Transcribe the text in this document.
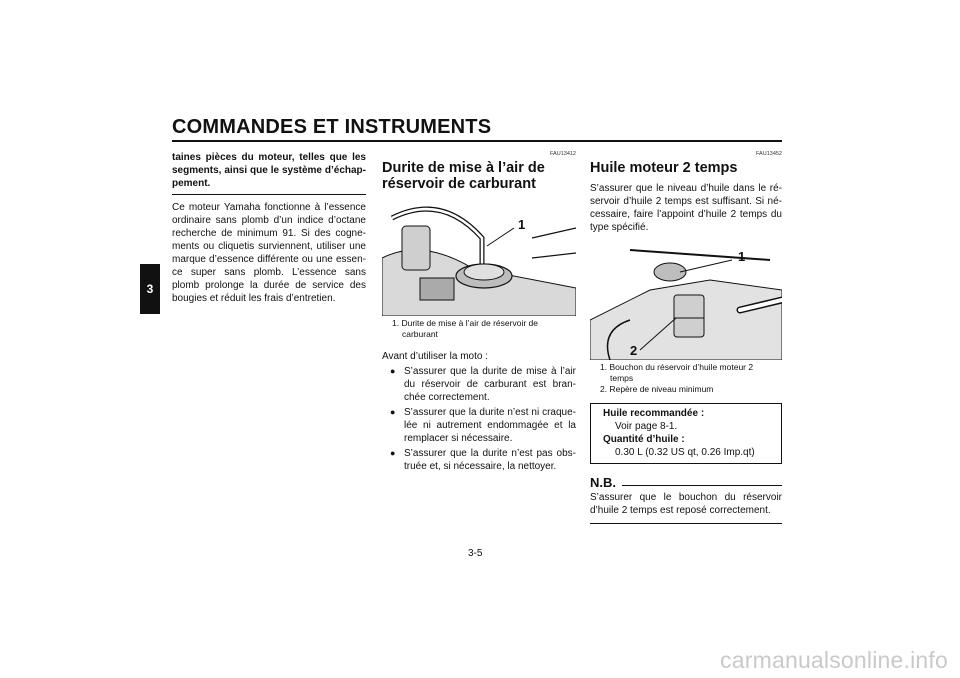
COMMANDES ET INSTRUMENTS
3

taines pièces du moteur, telles que les segments, ainsi que le système d’échappement.

Ce moteur Yamaha fonctionne à l’essence ordinaire sans plomb d’un indice d’octane recherche de minimum 91. Si des cognements ou cliquetis surviennent, utiliser une marque d’essence différente ou une essence super sans plomb. L’essence sans plomb prolonge la durée de service des bougies et réduit les frais d’entretien.

FAU13412

Durite de mise à l’air de réservoir de carburant
1
1. Durite de mise à l’air de réservoir de
carburant

Avant d’utiliser la moto :

● S’assurer que la durite de mise à l’air du réservoir de carburant est branchée correctement.
● S’assurer que la durite n’est ni craquelée ni autrement endommagée et la remplacer si nécessaire.
● S’assurer que la durite n’est pas obstruée et, si nécessaire, la nettoyer.

FAU13452

Huile moteur 2 temps

S’assurer que le niveau d’huile dans le réservoir d’huile 2 temps est suffisant. Si nécessaire, faire l’appoint d’huile 2 temps du type spécifié.

1
2
1. Bouchon du réservoir d’huile moteur 2
temps
2. Repère de niveau minimum
Huile recommandée :
Voir page 8-1.
Quantité d’huile :
0.30 L (0.32 US qt, 0.26 Imp.qt)
N.B.

S’assurer que le bouchon du réservoir d’huile 2 temps est reposé correctement.

3-5
carmanualsonline.info
